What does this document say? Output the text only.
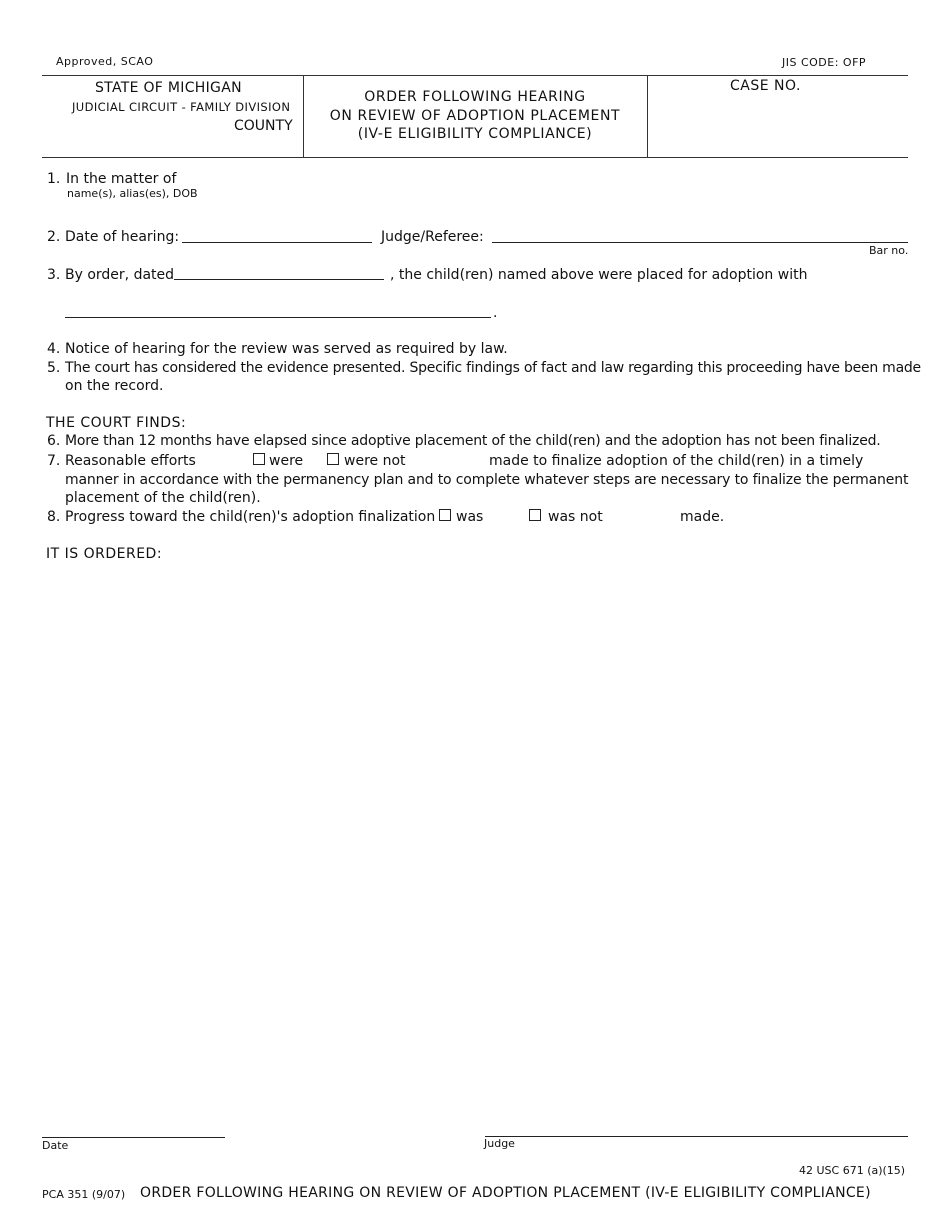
Approved, SCAO	JIS CODE: OFP
STATE OF MICHIGAN
JUDICIAL CIRCUIT - FAMILY DIVISION
COUNTY
ORDER FOLLOWING HEARING
ON REVIEW OF ADOPTION PLACEMENT
(IV-E ELIGIBILITY COMPLIANCE)
CASE NO.
1. In the matter of
name(s), alias(es), DOB
2. Date of hearing:	Judge/Referee:
Bar no.
3. By order, dated	, the child(ren) named above were placed for adoption with
.
4. Notice of hearing for the review was served as required by law.
5. The court has considered the evidence presented. Specific findings of fact and law regarding this proceeding have been made
on the record.
THE COURT FINDS:
6. More than 12 months have elapsed since adoptive placement of the child(ren) and the adoption has not been finalized.
7. Reasonable efforts	were	were not	made to finalize adoption of the child(ren) in a timely
manner in accordance with the permanency plan and to complete whatever steps are necessary to finalize the permanent
placement of the child(ren).
8. Progress toward the child(ren)'s adoption finalization was	was not	made.
IT IS ORDERED:
Date	Judge
42 USC 671 (a)(15)
PCA 351 (9/07) ORDER FOLLOWING HEARING ON REVIEW OF ADOPTION PLACEMENT (IV-E ELIGIBILITY COMPLIANCE)
